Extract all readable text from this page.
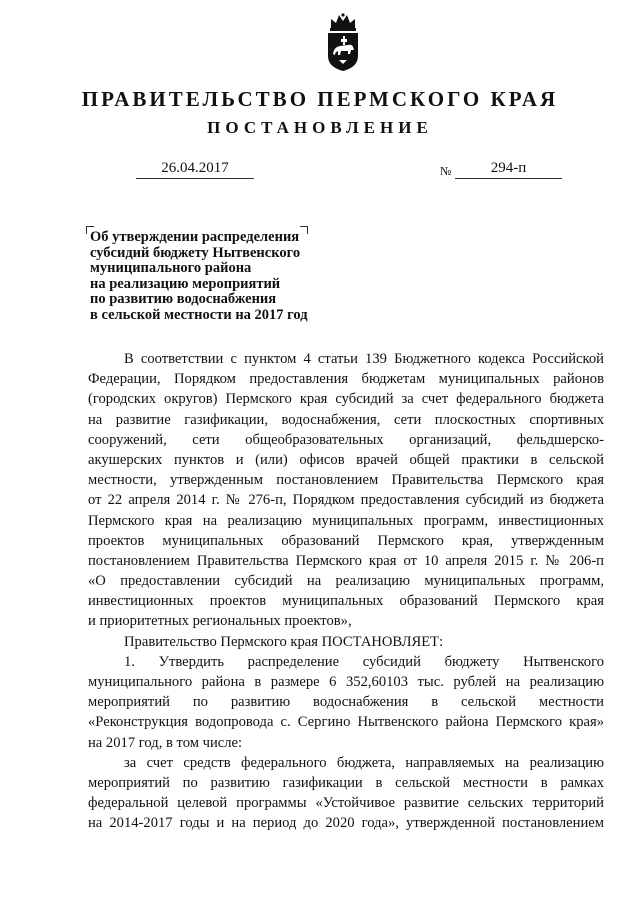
ПРАВИТЕЛЬСТВО ПЕРМСКОГО КРАЯ
ПОСТАНОВЛЕНИЕ
26.04.2017	№	294-п
Об утверждении распределения
субсидий бюджету Нытвенского
муниципального района
на реализацию мероприятий
по развитию водоснабжения
в сельской местности на 2017 год
В соответствии с пунктом 4 статьи 139 Бюджетного кодекса Российской
Федерации, Порядком предоставления бюджетам муниципальных районов
(городских округов) Пермского края субсидий за счет федерального бюджета
на развитие газификации, водоснабжения, сети плоскостных спортивных
сооружений, сети общеобразовательных организаций, фельдшерско-
акушерских пунктов и (или) офисов врачей общей практики в сельской
местности, утвержденным постановлением Правительства Пермского края
от 22 апреля 2014 г. № 276-п, Порядком предоставления субсидий из бюджета
Пермского края на реализацию муниципальных программ, инвестиционных
проектов муниципальных образований Пермского края, утвержденным
постановлением Правительства Пермского края от 10 апреля 2015 г. № 206-п
«О предоставлении субсидий на реализацию муниципальных программ,
инвестиционных проектов муниципальных образований Пермского края
и приоритетных региональных проектов»,
Правительство Пермского края ПОСТАНОВЛЯЕТ:
1. Утвердить распределение субсидий бюджету Нытвенского
муниципального района в размере 6 352,60103 тыс. рублей на реализацию
мероприятий по развитию водоснабжения в сельской местности
«Реконструкция водопровода с. Сергино Нытвенского района Пермского края»
на 2017 год, в том числе:
за счет средств федерального бюджета, направляемых на реализацию
мероприятий по развитию газификации в сельской местности в рамках
федеральной целевой программы «Устойчивое развитие сельских территорий
на 2014-2017 годы и на период до 2020 года», утвержденной постановлением
